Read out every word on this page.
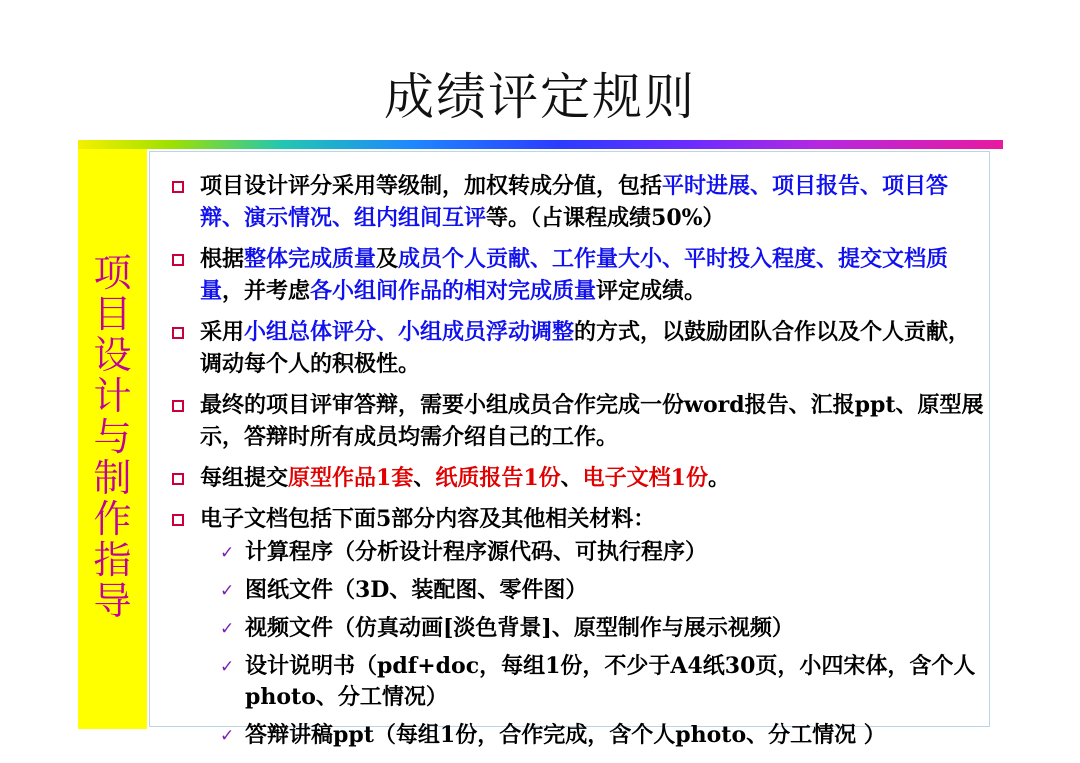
成绩评定规则
项目设计与制作指导
项目设计评分采用等级制，加权转成分值，包括平时进展、项目报告、项目答辩、演示情况、组内组间互评等。（占课程成绩50%）
根据整体完成质量及成员个人贡献、工作量大小、平时投入程度、提交文档质量，并考虑各小组间作品的相对完成质量评定成绩。
采用小组总体评分、小组成员浮动调整的方式，以鼓励团队合作以及个人贡献，调动每个人的积极性。
最终的项目评审答辩，需要小组成员合作完成一份word报告、汇报ppt、原型展示，答辩时所有成员均需介绍自己的工作。
每组提交原型作品1套、纸质报告1份、电子文档1份。
电子文档包括下面5部分内容及其他相关材料：
✓ 计算程序（分析设计程序源代码、可执行程序）
✓ 图纸文件（3D、装配图、零件图）
✓ 视频文件（仿真动画[淡色背景]、原型制作与展示视频）
✓ 设计说明书（pdf+doc，每组1份，不少于A4纸30页，小四宋体，含个人photo、分工情况）
✓ 答辩讲稿ppt（每组1份，合作完成，含个人photo、分工情况 ）
